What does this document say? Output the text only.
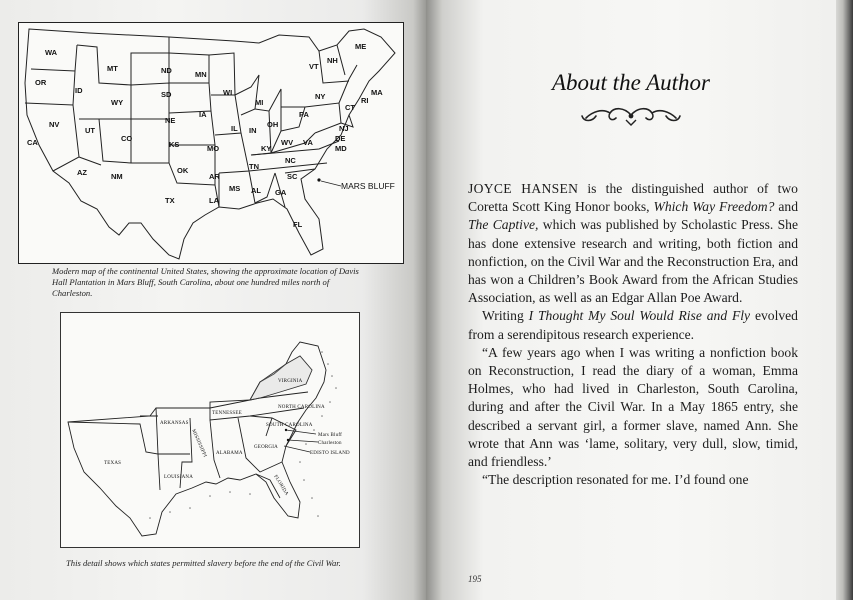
WA
OR
CA
NV
ID
MT
WY
UT
AZ
CO
NM
ND
SD
NE
KS
OK
TX
MN
IA
MO
AR
LA
WI
IL
MI
IN
OH
KY
TN
MS AL GA
FL
SC
NC
VA
WV
PA
NY
VT
NH
ME
MA
RI
CT
NJ
DE
MD
MARS BLUFF

Modern map of the continental United States, showing the approximate location of Davis Hall Plantation in Mars Bluff, South Carolina, about one hundred miles north of Charleston.

VIRGINIA
NORTH CAROLINA
TENNESSEE
ARKANSAS	SOUTH CAROLINA
MISSISSIPPI ALABAMA
GEORGIA
TEXAS
LOUISIANA	FLORIDA
Mars Bluff
Charleston
EDISTO ISLAND

This detail shows which states permitted slavery before the end of the Civil War.

About the Author

JOYCE HANSEN is the distinguished author of two Coretta Scott King Honor books, Which Way Freedom? and The Captive, which was published by Scholastic Press. She has done extensive research and writing, both fiction and nonfiction, on the Civil War and the Reconstruction Era, and has won a Children’s Book Award from the African Studies Association, as well as an Edgar Allan Poe Award.

Writing I Thought My Soul Would Rise and Fly evolved from a serendipitous research experience.

“A few years ago when I was writing a nonfiction book on Reconstruction, I read the diary of a woman, Emma Holmes, who had lived in Charleston, South Carolina, during and after the Civil War. In a May 1865 entry, she described a servant girl, a former slave, named Ann. She wrote that Ann was ‘lame, solitary, very dull, slow, timid, and friendless.’

“The description resonated for me. I’d found one

195
